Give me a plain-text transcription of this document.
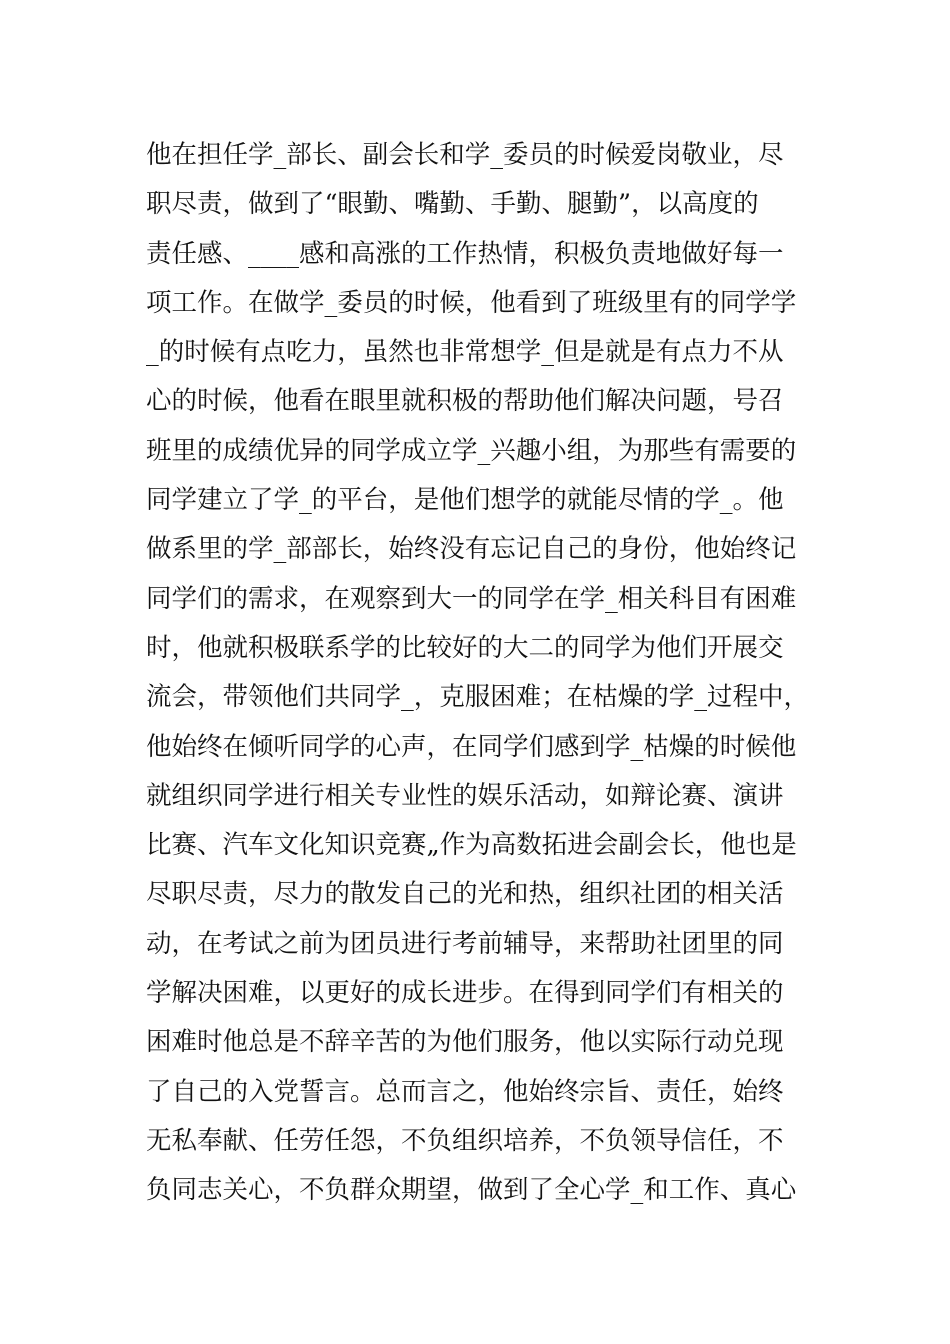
他在担任学_部长、副会长和学_委员的时候爱岗敬业，尽
职尽责，做到了“眼勤、嘴勤、手勤、腿勤”，以高度的
责任感、____感和高涨的工作热情，积极负责地做好每一
项工作。在做学_委员的时候，他看到了班级里有的同学学
_的时候有点吃力，虽然也非常想学_但是就是有点力不从
心的时候，他看在眼里就积极的帮助他们解决问题，号召
班里的成绩优异的同学成立学_兴趣小组，为那些有需要的
同学建立了学_的平台，是他们想学的就能尽情的学_。他
做系里的学_部部长，始终没有忘记自己的身份，他始终记
同学们的需求，在观察到大一的同学在学_相关科目有困难
时，他就积极联系学的比较好的大二的同学为他们开展交
流会，带领他们共同学_，克服困难；在枯燥的学_过程中，
他始终在倾听同学的心声，在同学们感到学_枯燥的时候他
就组织同学进行相关专业性的娱乐活动，如辩论赛、演讲
比赛、汽车文化知识竞赛„作为高数拓进会副会长，他也是
尽职尽责，尽力的散发自己的光和热，组织社团的相关活
动，在考试之前为团员进行考前辅导，来帮助社团里的同
学解决困难，以更好的成长进步。在得到同学们有相关的
困难时他总是不辞辛苦的为他们服务，他以实际行动兑现
了自己的入党誓言。总而言之，他始终宗旨、责任，始终
无私奉献、任劳任怨，不负组织培养，不负领导信任，不
负同志关心，不负群众期望，做到了全心学_和工作、真心
